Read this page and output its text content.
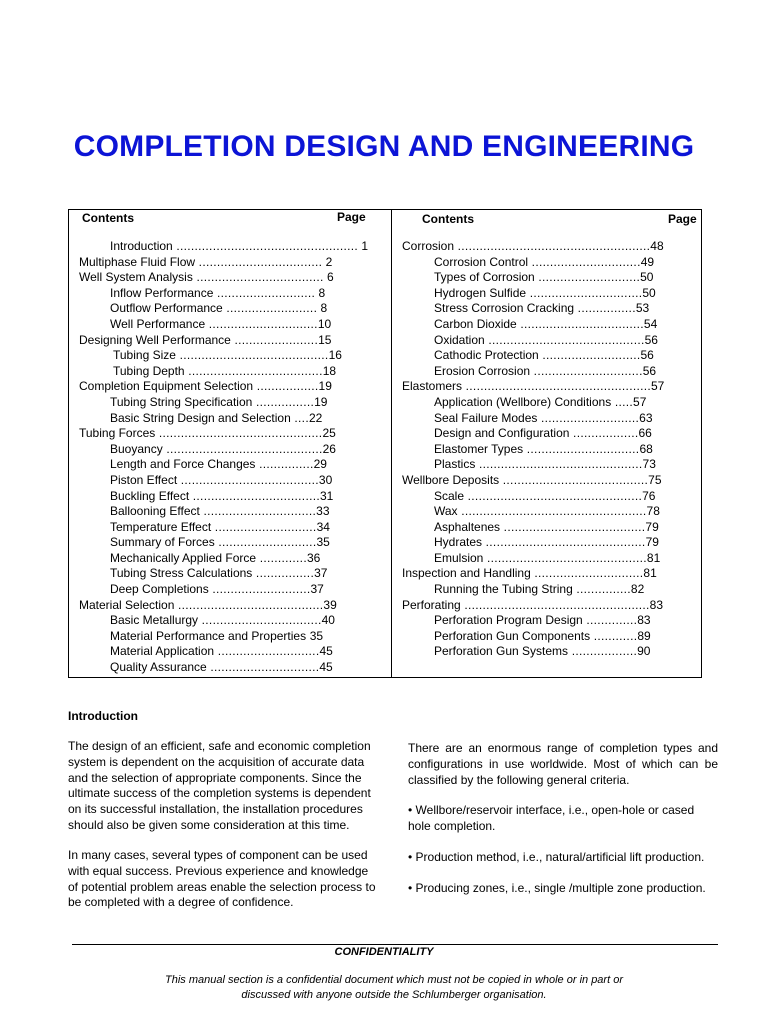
COMPLETION DESIGN AND ENGINEERING
Contents	Page
Introduction .................................................. 1
Multiphase Fluid Flow .................................. 2
Well System Analysis ................................... 6
Inflow Performance ........................... 8
Outflow Performance ......................... 8
Well Performance ..............................10
Designing Well Performance .......................15
Tubing Size .........................................16
Tubing Depth .....................................18
Completion Equipment Selection .................19
Tubing String Specification ................19
Basic String Design and Selection ....22
Tubing Forces .............................................25
Buoyancy ...........................................26
Length and Force Changes ...............29
Piston Effect ......................................30
Buckling Effect ...................................31
Ballooning Effect ...............................33
Temperature Effect ............................34
Summary of Forces ...........................35
Mechanically Applied Force .............36
Tubing Stress Calculations ................37
Deep Completions ...........................37
Material Selection ........................................39
Basic Metallurgy .................................40
Material Performance and Properties 35
Material Application ............................45
Quality Assurance ..............................45
Contents	Page
Corrosion .....................................................48
Corrosion Control ..............................49
Types of Corrosion ............................50
Hydrogen Sulfide ...............................50
Stress Corrosion Cracking ................53
Carbon Dioxide ..................................54
Oxidation ...........................................56
Cathodic Protection ...........................56
Erosion Corrosion ..............................56
Elastomers ...................................................57
Application (Wellbore) Conditions .....57
Seal Failure Modes ...........................63
Design and Configuration ..................66
Elastomer Types ...............................68
Plastics .............................................73
Wellbore Deposits ........................................75
Scale ................................................76
Wax ...................................................78
Asphaltenes .......................................79
Hydrates ............................................79
Emulsion ............................................81
Inspection and Handling ..............................81
Running the Tubing String ...............82
Perforating ...................................................83
Perforation Program Design ..............83
Perforation Gun Components ............89
Perforation Gun Systems ..................90
Introduction
The design of an efficient, safe and economic completion system is dependent on the acquisition of accurate data and the selection of appropriate components. Since the ultimate success of the completion systems is dependent on its successful installation, the installation procedures should also be given some consideration at this time.
In many cases, several types of component can be used with equal success. Previous experience and knowledge of potential problem areas enable the selection process to be completed with a degree of confidence.
There are an enormous range of completion types and configurations in use worldwide. Most of which can be classified by the following general criteria.
• Wellbore/reservoir interface, i.e., open-hole or cased hole completion.
• Production method, i.e., natural/artificial lift production.
• Producing zones, i.e., single /multiple zone production.
CONFIDENTIALITY
This manual section is a confidential document which must not be copied in whole or in part or
discussed with anyone outside the Schlumberger organisation.
